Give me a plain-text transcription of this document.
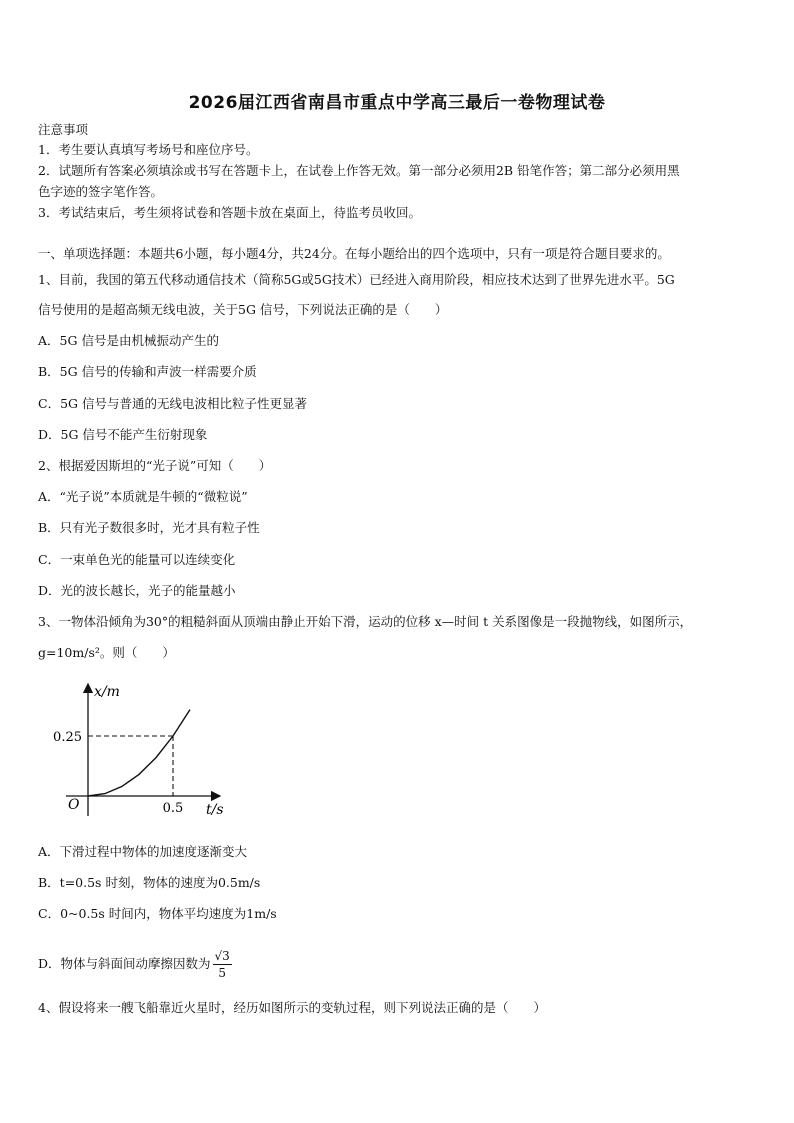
2026届江西省南昌市重点中学高三最后一卷物理试卷
注意事项
1．考生要认真填写考场号和座位序号。
2．试题所有答案必须填涂或书写在答题卡上，在试卷上作答无效。第一部分必须用2B 铅笔作答；第二部分必须用黑
色字迹的签字笔作答。
3．考试结束后，考生须将试卷和答题卡放在桌面上，待监考员收回。
一、单项选择题：本题共6小题，每小题4分，共24分。在每小题给出的四个选项中，只有一项是符合题目要求的。
1、目前，我国的第五代移动通信技术（简称5G或5G技术）已经进入商用阶段，相应技术达到了世界先进水平。5G
信号使用的是超高频无线电波，关于5G 信号，下列说法正确的是（　　）
A．5G 信号是由机械振动产生的
B．5G 信号的传输和声波一样需要介质
C．5G 信号与普通的无线电波相比粒子性更显著
D．5G 信号不能产生衍射现象
2、根据爱因斯坦的“光子说”可知（　　）
A．“光子说”本质就是牛顿的“微粒说”
B．只有光子数很多时，光才具有粒子性
C．一束单色光的能量可以连续变化
D．光的波长越长，光子的能量越小
3、一物体沿倾角为30°的粗糙斜面从顶端由静止开始下滑，运动的位移 x—时间 t 关系图像是一段抛物线，如图所示，
g=10m/s²。则（　　）
x/m
t/s
O
0.25
0.5
A．下滑过程中物体的加速度逐渐变大
B．t=0.5s 时刻，物体的速度为0.5m/s
C．0~0.5s 时间内，物体平均速度为1m/s
D．物体与斜面间动摩擦因数为 $\frac{√3}{5}$
4、假设将来一艘飞船靠近火星时，经历如图所示的变轨过程，则下列说法正确的是（　　）
